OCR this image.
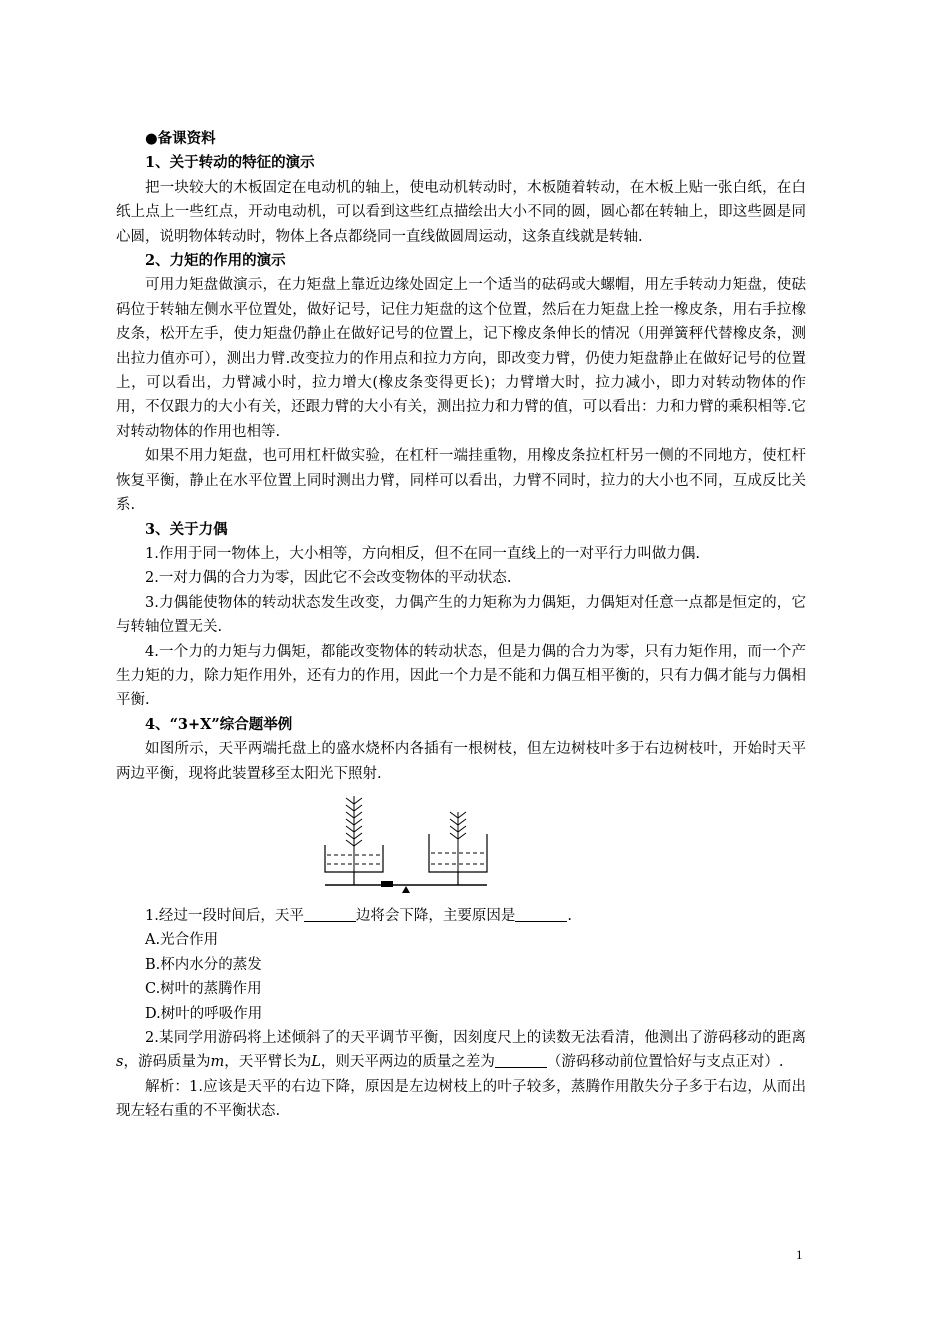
●备课资料

1、关于转动的特征的演示

把一块较大的木板固定在电动机的轴上，使电动机转动时，木板随着转动，在木板上贴一张白纸，在白纸上点上一些红点，开动电动机，可以看到这些红点描绘出大小不同的圆，圆心都在转轴上，即这些圆是同心圆，说明物体转动时，物体上各点都绕同一直线做圆周运动，这条直线就是转轴.

2、力矩的作用的演示

可用力矩盘做演示，在力矩盘上靠近边缘处固定上一个适当的砝码或大螺帽，用左手转动力矩盘，使砝码位于转轴左侧水平位置处，做好记号，记住力矩盘的这个位置，然后在力矩盘上拴一橡皮条，用右手拉橡皮条，松开左手，使力矩盘仍静止在做好记号的位置上，记下橡皮条伸长的情况（用弹簧秤代替橡皮条，测出拉力值亦可），测出力臂.改变拉力的作用点和拉力方向，即改变力臂，仍使力矩盘静止在做好记号的位置上，可以看出，力臂减小时，拉力增大(橡皮条变得更长)；力臂增大时，拉力减小，即力对转动物体的作用，不仅跟力的大小有关，还跟力臂的大小有关，测出拉力和力臂的值，可以看出：力和力臂的乘积相等.它对转动物体的作用也相等.

如果不用力矩盘，也可用杠杆做实验，在杠杆一端挂重物，用橡皮条拉杠杆另一侧的不同地方，使杠杆恢复平衡，静止在水平位置上同时测出力臂，同样可以看出，力臂不同时，拉力的大小也不同，互成反比关系.

3、关于力偶

1.作用于同一物体上，大小相等，方向相反，但不在同一直线上的一对平行力叫做力偶.

2.一对力偶的合力为零，因此它不会改变物体的平动状态.

3.力偶能使物体的转动状态发生改变，力偶产生的力矩称为力偶矩，力偶矩对任意一点都是恒定的，它与转轴位置无关.

4.一个力的力矩与力偶矩，都能改变物体的转动状态，但是力偶的合力为零，只有力矩作用，而一个产生力矩的力，除力矩作用外，还有力的作用，因此一个力是不能和力偶互相平衡的，只有力偶才能与力偶相平衡.

4、“3+X”综合题举例

如图所示，天平两端托盘上的盛水烧杯内各插有一根树枝，但左边树枝叶多于右边树枝叶，开始时天平两边平衡，现将此装置移至太阳光下照射.

1.经过一段时间后，天平	边将会下降，主要原因是	.

A.光合作用

B.杯内水分的蒸发

C.树叶的蒸腾作用

D.树叶的呼吸作用

2.某同学用游码将上述倾斜了的天平调节平衡，因刻度尺上的读数无法看清，他测出了游码移动的距离s，游码质量为m，天平臂长为L，则天平两边的质量之差为	（游码移动前位置恰好与支点正对）.

解析：1.应该是天平的右边下降，原因是左边树枝上的叶子较多，蒸腾作用散失分子多于右边，从而出现左轻右重的不平衡状态.

1
